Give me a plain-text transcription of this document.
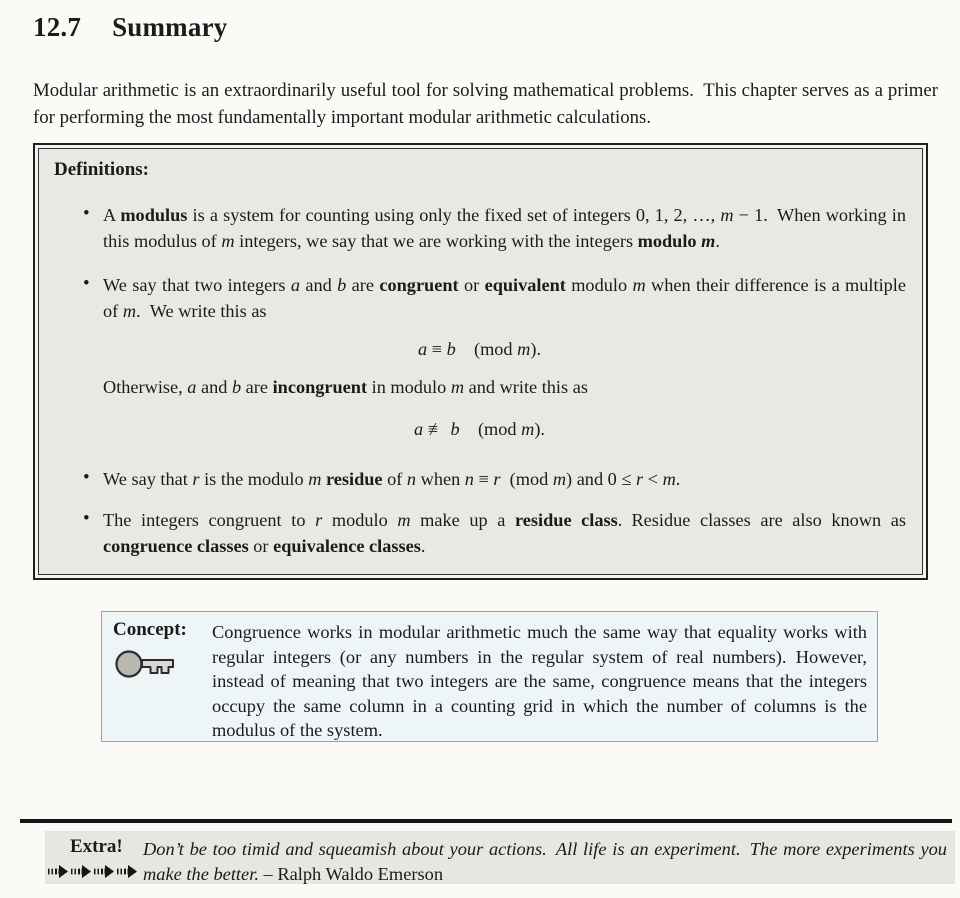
12.7 Summary

Modular arithmetic is an extraordinarily useful tool for solving mathematical problems. This chapter serves as a primer for performing the most fundamentally important modular arithmetic calculations.

Definitions:
• A modulus is a system for counting using only the fixed set of integers 0, 1, 2, …, m − 1. When working in this modulus of m integers, we say that we are working with the integers modulo m.
• We say that two integers a and b are congruent or equivalent modulo m when their difference is a multiple of m. We write this as
a ≡ b (mod m).
Otherwise, a and b are incongruent in modulo m and write this as
a ≢ b (mod m).
• We say that r is the modulo m residue of n when n ≡ r (mod m) and 0 ≤ r < m.
• The integers congruent to r modulo m make up a residue class. Residue classes are also known as congruence classes or equivalence classes.
Concept:	Congruence works in modular arithmetic much the same way that equality works with regular integers (or any numbers in the regular system of real numbers). However, instead of meaning that two integers are the same, congruence means that the integers occupy the same column in a counting grid in which the number of columns is the modulus of the system.
Extra!	Don’t be too timid and squeamish about your actions. All life is an experiment. The more experiments you make the better. – Ralph Waldo Emerson
